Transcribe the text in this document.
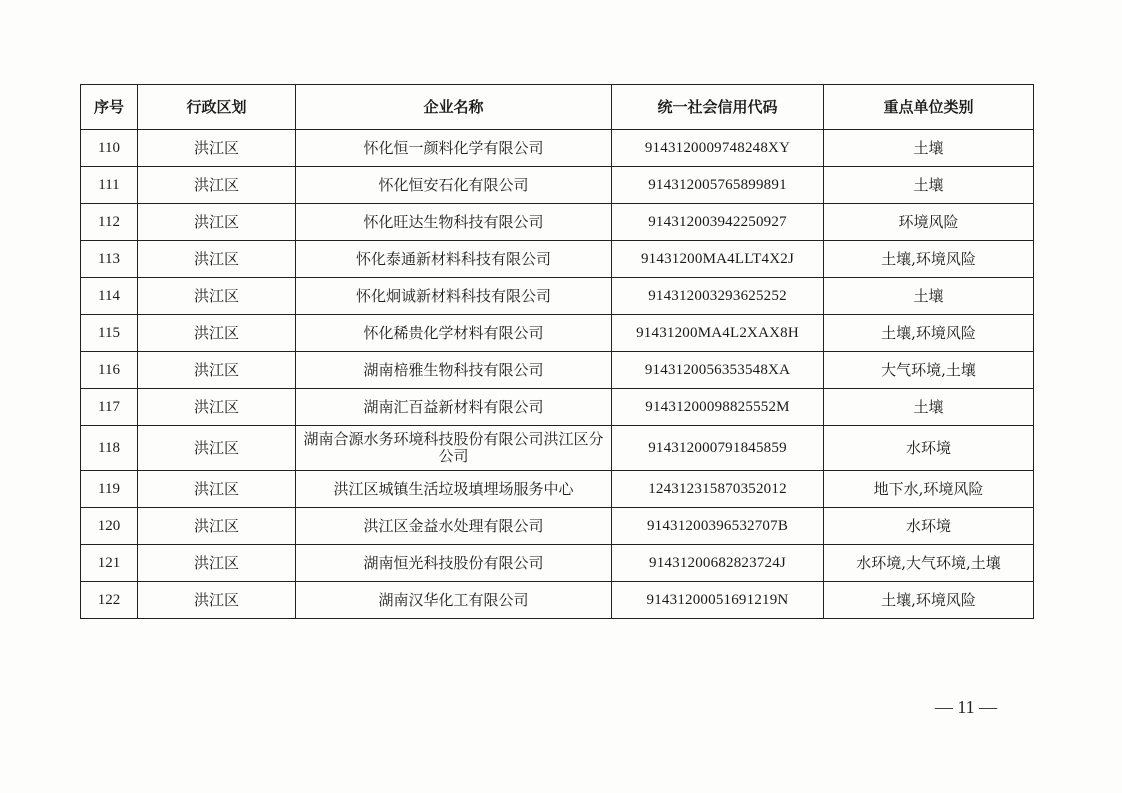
序号	行政区划	企业名称	统一社会信用代码	重点单位类别
110	洪江区	怀化恒一颜料化学有限公司	9143120009748248XY	土壤
111	洪江区	怀化恒安石化有限公司	914312005765899891	土壤
112	洪江区	怀化旺达生物科技有限公司	914312003942250927	环境风险
113	洪江区	怀化泰通新材料科技有限公司	91431200MA4LLT4X2J	土壤,环境风险
114	洪江区	怀化炯诚新材料科技有限公司	914312003293625252	土壤
115	洪江区	怀化稀贵化学材料有限公司	91431200MA4L2XAX8H	土壤,环境风险
116	洪江区	湖南棓雅生物科技有限公司	9143120056353548XA	大气环境,土壤
117	洪江区	湖南汇百益新材料有限公司	91431200098825552M	土壤
118	洪江区	湖南合源水务环境科技股份有限公司洪江区分公司	914312000791845859	水环境
119	洪江区	洪江区城镇生活垃圾填埋场服务中心	124312315870352012	地下水,环境风险
120	洪江区	洪江区金益水处理有限公司	91431200396532707B	水环境
121	洪江区	湖南恒光科技股份有限公司	91431200682823724J	水环境,大气环境,土壤
122	洪江区	湖南汉华化工有限公司	91431200051691219N	土壤,环境风险
— 11 —
